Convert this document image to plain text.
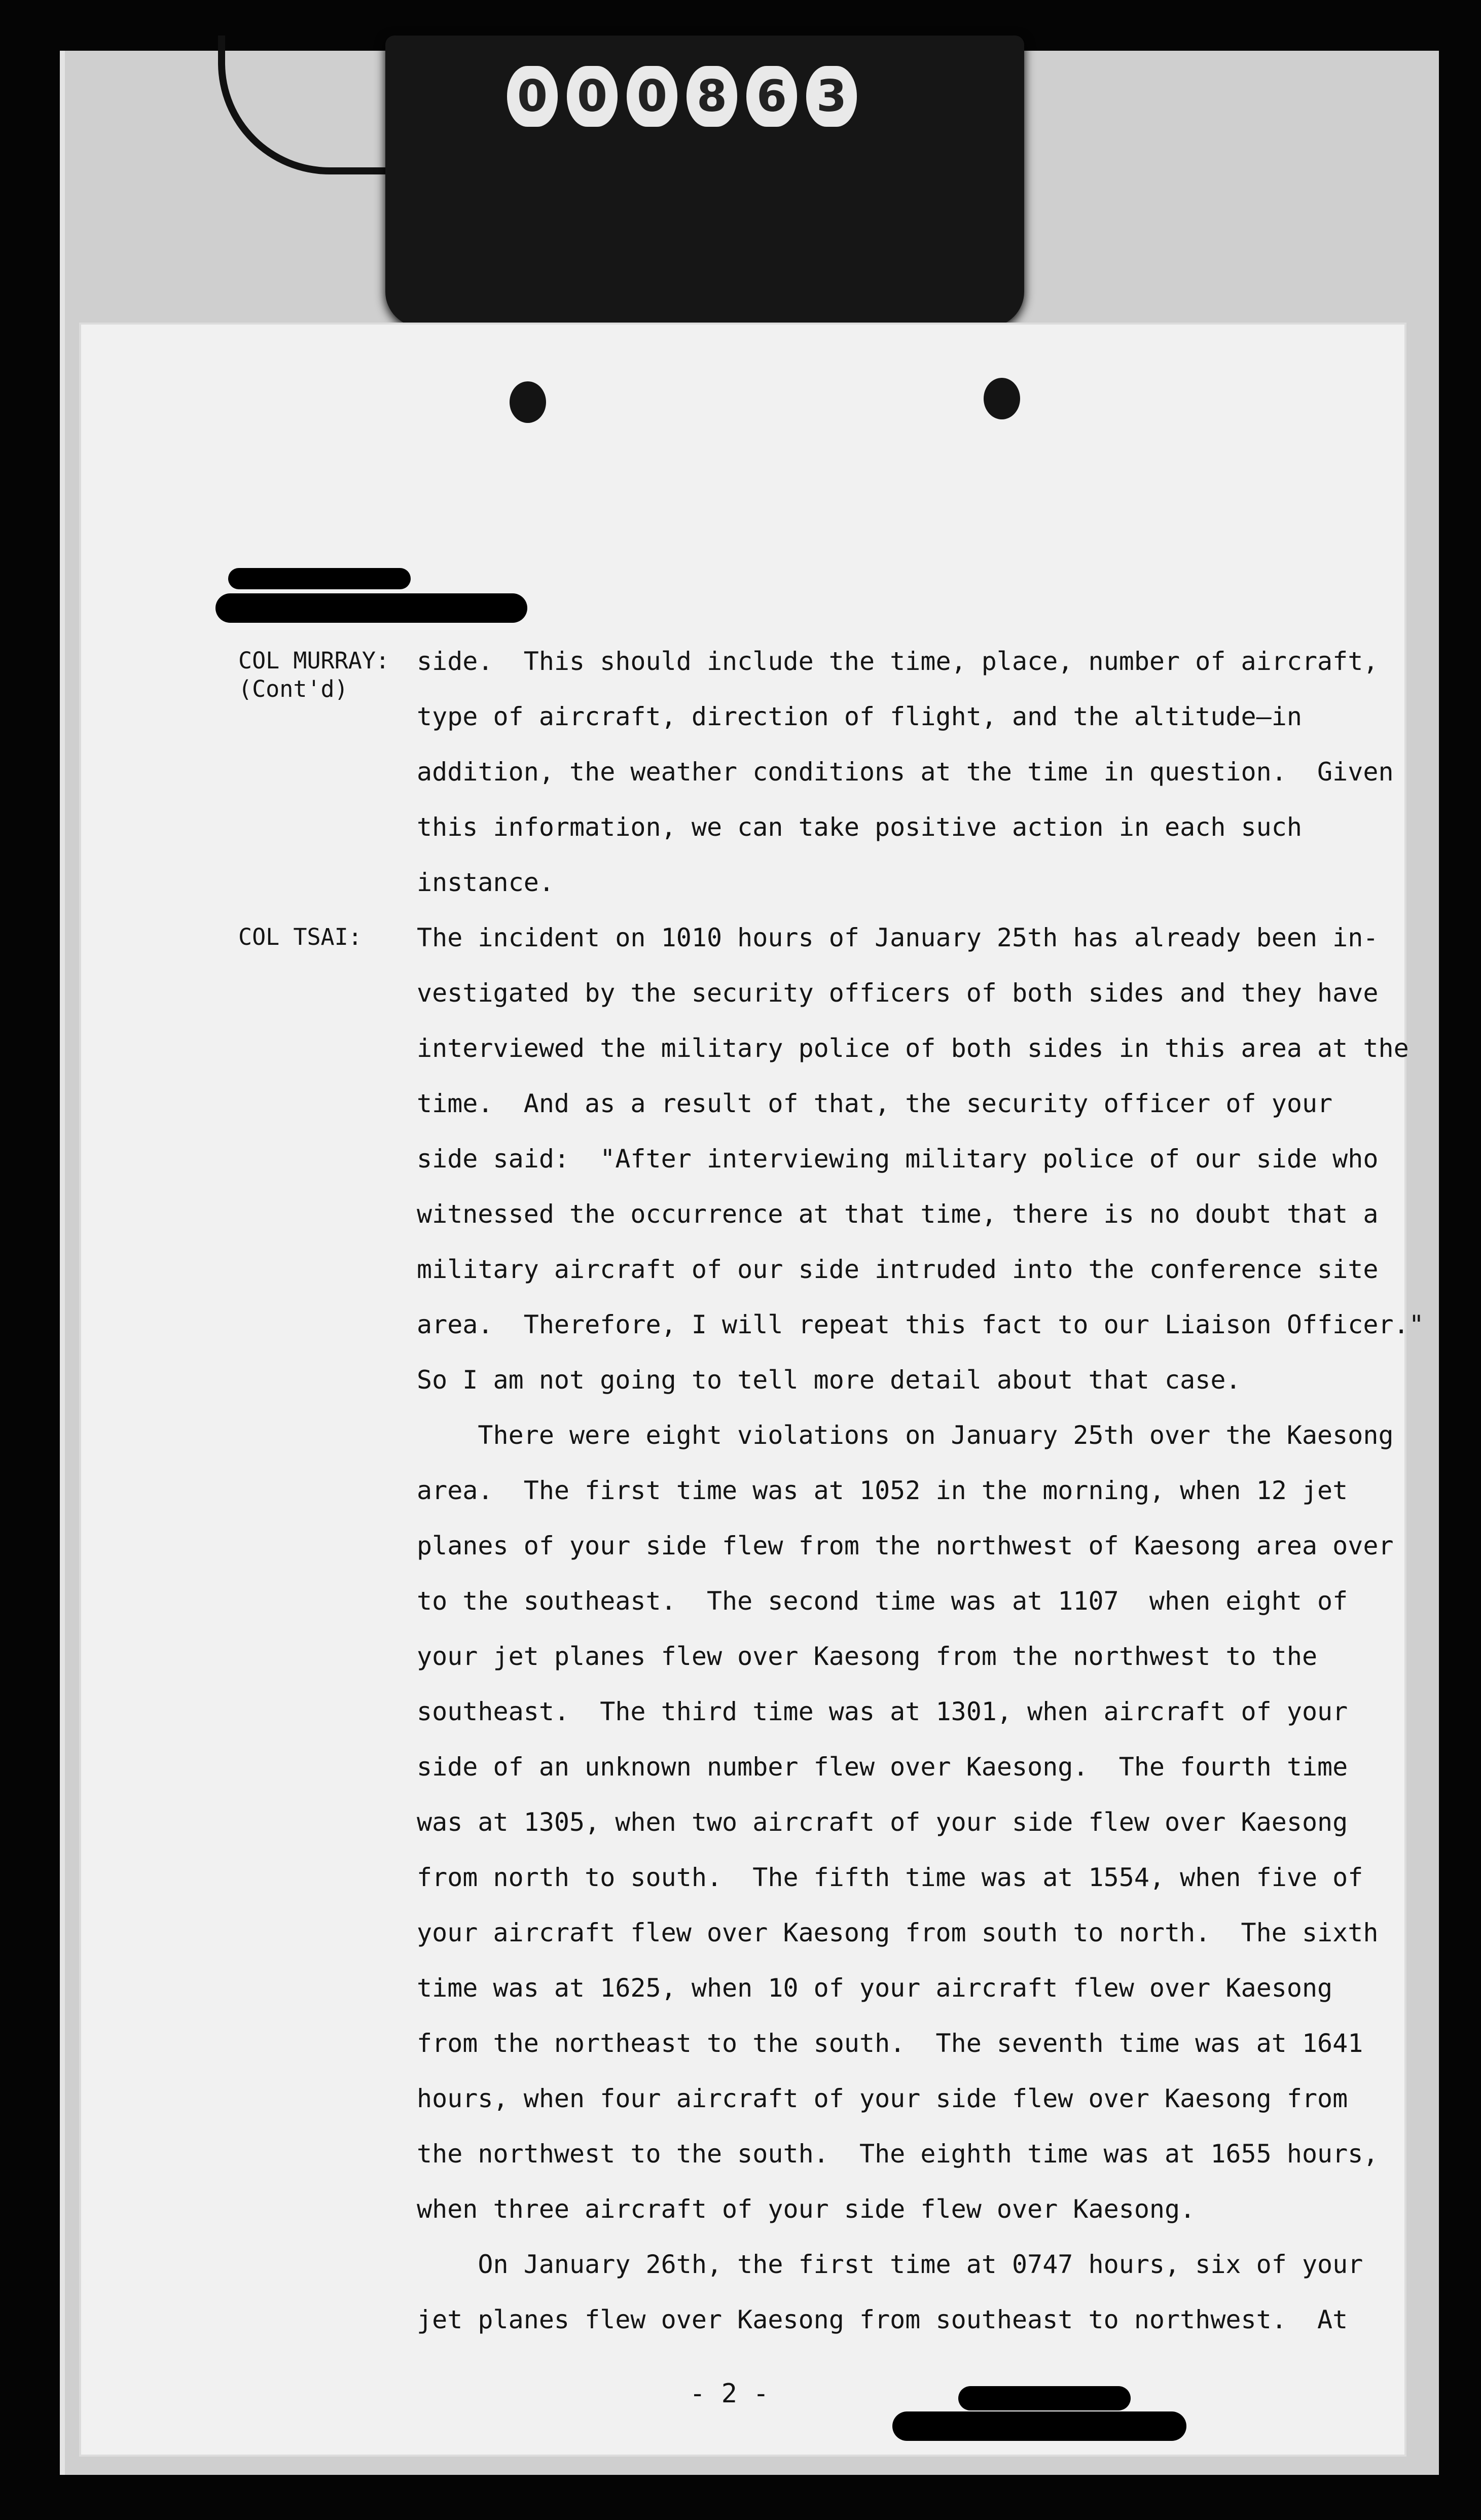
0 0 0 8 6 3
COL MURRAY:
(Cont'd)
side.  This should include the time, place, number of aircraft,
type of aircraft, direction of flight, and the altitude—in
addition, the weather conditions at the time in question.  Given
this information, we can take positive action in each such
instance.
COL TSAI: The incident on 1010 hours of January 25th has already been in-
vestigated by the security officers of both sides and they have
interviewed the military police of both sides in this area at the
time.  And as a result of that, the security officer of your
side said:  "After interviewing military police of our side who
witnessed the occurrence at that time, there is no doubt that a
military aircraft of our side intruded into the conference site
area.  Therefore, I will repeat this fact to our Liaison Officer."
So I am not going to tell more detail about that case.
There were eight violations on January 25th over the Kaesong
area.  The first time was at 1052 in the morning, when 12 jet
planes of your side flew from the northwest of Kaesong area over
to the southeast.  The second time was at 1107  when eight of
your jet planes flew over Kaesong from the northwest to the
southeast.  The third time was at 1301, when aircraft of your
side of an unknown number flew over Kaesong.  The fourth time
was at 1305, when two aircraft of your side flew over Kaesong
from north to south.  The fifth time was at 1554, when five of
your aircraft flew over Kaesong from south to north.  The sixth
time was at 1625, when 10 of your aircraft flew over Kaesong
from the northeast to the south.  The seventh time was at 1641
hours, when four aircraft of your side flew over Kaesong from
the northwest to the south.  The eighth time was at 1655 hours,
when three aircraft of your side flew over Kaesong.
On January 26th, the first time at 0747 hours, six of your
jet planes flew over Kaesong from southeast to northwest.  At
- 2 -
